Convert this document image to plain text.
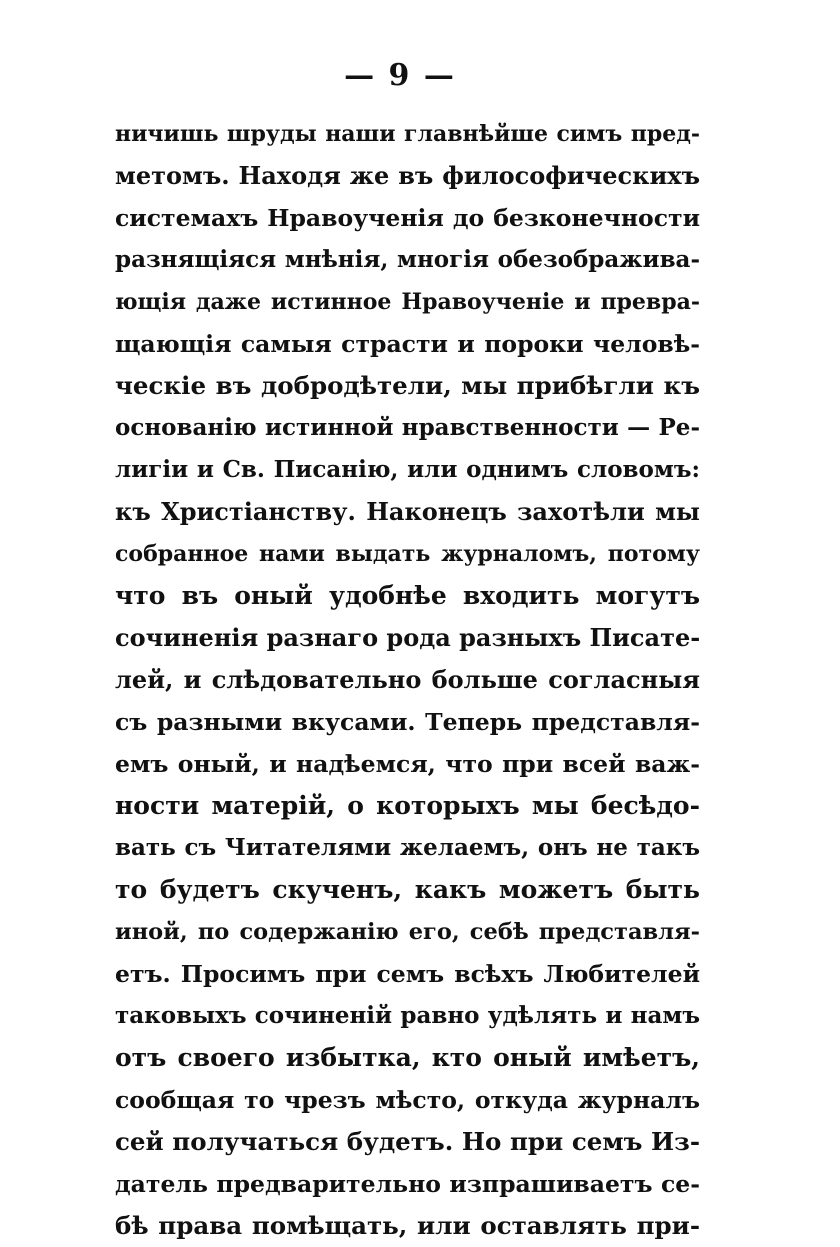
— 9 —
ничишь шруды наши главнѣйше симъ пред-
метомъ. Находя же въ философическихъ
системахъ Нравоученія до безконечности
разнящіяся мнѣнія, многія обезображива-
ющія даже истинное Нравоученіе и превра-
щающія самыя страсти и пороки человѣ-
ческіе въ добродѣтели, мы прибѣгли къ
основанію истинной нравственности — Ре-
лигіи и Св. Писанію, или однимъ словомъ:
къ Христіанству. Наконецъ захотѣли мы
собранное нами выдать журналомъ, потому
что въ оный удобнѣе входить могутъ
сочиненія разнаго рода разныхъ Писате-
лей, и слѣдовательно больше согласныя
съ разными вкусами. Теперь представля-
емъ оный, и надѣемся, что при всей важ-
ности матерій, о которыхъ мы бесѣдо-
вать съ Читателями желаемъ, онъ не такъ
то будетъ скученъ, какъ можетъ быть
иной, по содержанію его, себѣ представля-
етъ. Просимъ при семъ всѣхъ Любителей
таковыхъ сочиненій равно удѣлять и намъ
отъ своего избытка, кто оный имѣетъ,
сообщая то чрезъ мѣсто, откуда журналъ
сей получаться будетъ. Но при семъ Из-
датель предварительно изпрашиваетъ се-
бѣ права помѣщать, или оставлять при-
